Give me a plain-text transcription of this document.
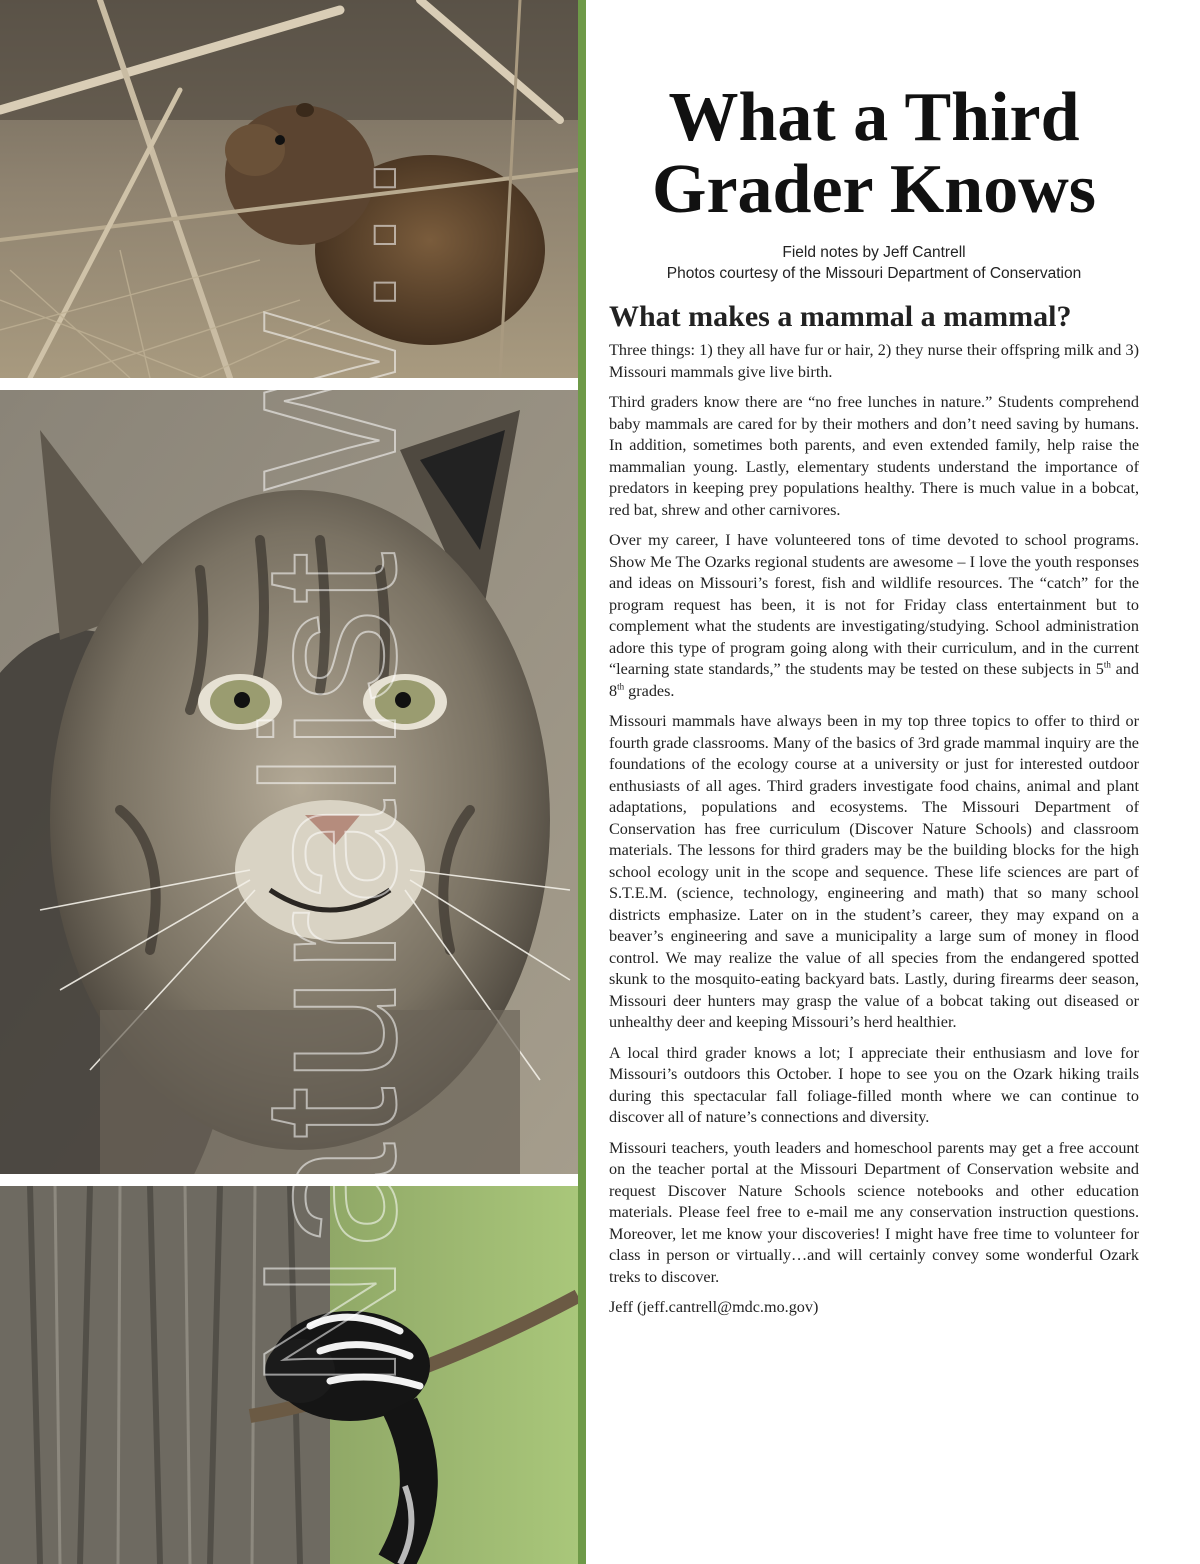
What a Third
Grader Knows
Field notes by Jeff Cantrell
Photos courtesy of the Missouri Department of Conservation
What makes a mammal a mammal?

Three things: 1) they all have fur or hair, 2) they nurse their offspring milk and 3) Missouri mammals give live birth.

Third graders know there are “no free lunches in nature.” Students comprehend baby mammals are cared for by their mothers and don’t need saving by humans. In addition, sometimes both parents, and even extended family, help raise the mammalian young. Lastly, elementary students understand the importance of predators in keeping prey populations healthy. There is much value in a bobcat, red bat, shrew and other carnivores.

Over my career, I have volunteered tons of time devoted to school programs. Show Me The Ozarks regional students are awesome – I love the youth responses and ideas on Missouri’s forest, fish and wildlife resources. The “catch” for the program request has been, it is not for Friday class entertainment but to complement what the students are investigating/studying. School administration adore this type of program going along with their curriculum, and in the current “learning state standards,” the students may be tested on these subjects in 5th and 8th grades.

Missouri mammals have always been in my top three topics to offer to third or fourth grade classrooms. Many of the basics of 3rd grade mammal inquiry are the foundations of the ecology course at a university or just for interested outdoor enthusiasts of all ages. Third graders investigate food chains, animal and plant adaptations, populations and ecosystems. The Missouri Department of Conservation has free curriculum (Discover Nature Schools) and classroom materials. The lessons for third graders may be the building blocks for the high school ecology unit in the scope and sequence. These life sciences are part of S.T.E.M. (science, technology, engineering and math) that so many school districts emphasize. Later on in the student’s career, they may expand on a beaver’s engineering and save a municipality a large sum of money in flood control. We may realize the value of all species from the endangered spotted skunk to the mosquito-eating backyard bats. Lastly, during firearms deer season, Missouri deer hunters may grasp the value of a bobcat taking out diseased or unhealthy deer and keeping Missouri’s herd healthier.

A local third grader knows a lot; I appreciate their enthusiasm and love for Missouri’s outdoors this October. I hope to see you on the Ozark hiking trails during this spectacular fall foliage-filled month where we can continue to discover all of nature’s connections and diversity.

Missouri teachers, youth leaders and homeschool parents may get a free account on the teacher portal at the Missouri Department of Conservation website and request Discover Nature Schools science notebooks and other education materials. Please feel free to e-mail me any conservation instruction questions. Moreover, let me know your discoveries! I might have free time to volunteer for class in person or virtually…and will certainly convey some wonderful Ozark treks to discover.

Jeff (jeff.cantrell@mdc.mo.gov)
